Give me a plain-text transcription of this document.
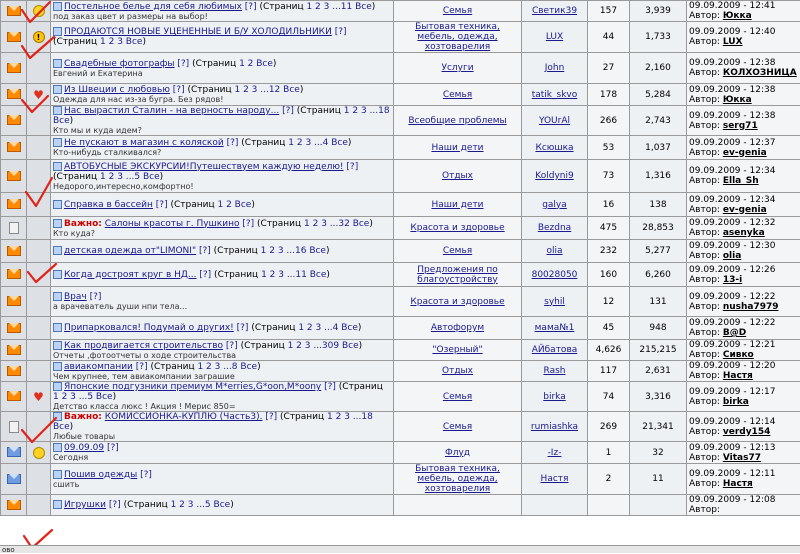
		Постельное белье для себя любимых [?] (Страниц 1 2 3 ...11 Все)
под заказ цвет и размеры на выбор!	Семья	Светик39	157	3,939	09.09.2009 - 12:41
Автор: Юкка

	!	ПРОДАЮТСЯ НОВЫЕ УЦЕНЕННЫЕ И Б/У ХОЛОДИЛЬНИКИ [?] (Страниц 1 2 3 Все)	Бытовая техника, мебель, одежда, хозтоварелия	LUX	44	1,733	09.09.2009 - 12:40
Автор: LUX

		Свадебные фотографы [?] (Страниц 1 2 Все)
Евгений и Екатерина	Услуги	John	27	2,160	09.09.2009 - 12:38
Автор: КОЛХОЗНИЦА

	♥	Из Швеции с любовью [?] (Страниц 1 2 3 ...12 Все)
Одежда для нас из-за бугра. Без рядов!	Семья	tatik_skvo	178	5,284	09.09.2009 - 12:38
Автор: Юкка

		Нас вырастил Сталин - на верность народу... [?] (Страниц 1 2 3 ...18 Все)
Кто мы и куда идем?	Всеобщие проблемы	YOUrAl	266	2,743	09.09.2009 - 12:38
Автор: serg71

		Не пускают в магазин с коляской [?] (Страниц 1 2 3 ...4 Все)
Кто-нибудь сталкивался?	Наши дети	Ксюшка	53	1,037	09.09.2009 - 12:37
Автор: ev-genia

		АВТОБУСНЫЕ ЭКСКУРСИИ!Путешествуем каждую неделю! [?] (Страниц 1 2 3 ...5 Все)
Недорого,интересно,комфортно!	Отдых	Koldyni9	73	1,316	09.09.2009 - 12:34
Автор: Ella_Sh

		Справка в бассейн [?] (Страниц 1 2 Все)	Наши дети	galya	16	138	09.09.2009 - 12:34
Автор: ev-genia

		Важно: Салоны красоты г. Пушкино [?] (Страниц 1 2 3 ...32 Все)
Кто куда?	Красота и здоровье	Bezdna	475	28,853	09.09.2009 - 12:32
Автор: asenyka

		детская одежда от"LIMONI" [?] (Страниц 1 2 3 ...16 Все)	Семья	olia	232	5,277	09.09.2009 - 12:30
Автор: olia

		Когда достроят круг в НД... [?] (Страниц 1 2 3 ...11 Все)	Предложения по благоустройству	80028050	160	6,260	09.09.2009 - 12:26
Автор: 13-i

		Врач [?]
а врачеватель души нпи тела...	Красота и здоровье	syhil	12	131	09.09.2009 - 12:22
Автор: nusha7979

		Припарковался! Подумай о других! [?] (Страниц 1 2 3 ...4 Все)	Автофорум	мама№1	45	948	09.09.2009 - 12:22
Автор: B@D

		Как продвигается строительство [?] (Страниц 1 2 3 ...309 Все)
Отчеты ,фотоотчеты о ходе строительства	"Озерный"	АЙбатова	4,626	215,215	09.09.2009 - 12:21
Автор: Сивко

		авиакомпании [?] (Страниц 1 2 3 ...8 Все)
Чем крупнее, тем авиакомпании заграшие	Отдых	Rash	117	2,631	09.09.2009 - 12:20
Автор: Настя

	♥	Японские подгузники премиум M*erries,G*oon,M*oony [?] (Страниц 1 2 3 ...5 Все)
Детство класса люкс ! Акция ! Мерис 850=	Семья	birka	74	3,316	09.09.2009 - 12:17
Автор: birka

		Важно: КОМИССИОНКА-КУПЛЮ (Часть3). [?] (Страниц 1 2 3 ...18 Все)
Любые товары	Семья	rumiashka	269	21,341	09.09.2009 - 12:14
Автор: verdy154

		09.09.09 [?]
Сегодня	Флуд	-Iz-	1	32	09.09.2009 - 12:13
Автор: Vitas77

		Пошив одежды [?]
сшить	Бытовая техника, мебель, одежда, хозтоварелия	Настя	2	11	09.09.2009 - 12:11
Автор: Настя

		Игрушки [?] (Страниц 1 2 3 ...5 Все)					09.09.2009 - 12:08
Автор:
ово
